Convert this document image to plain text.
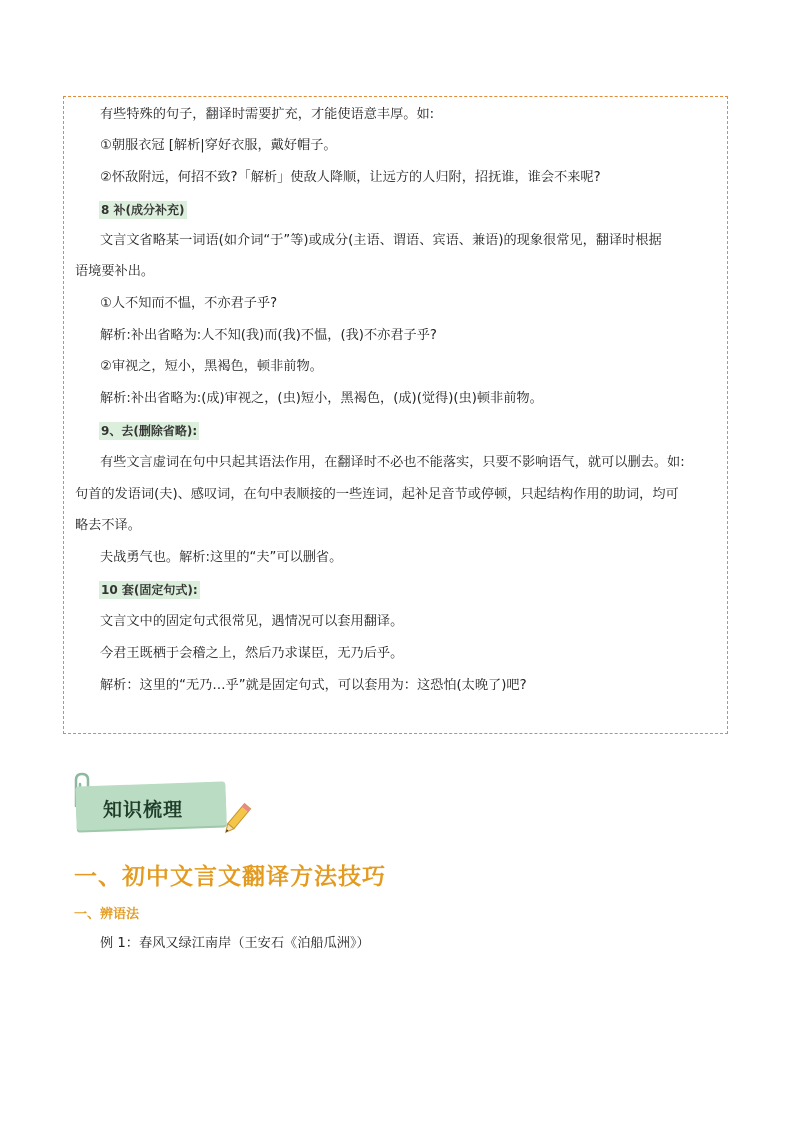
有些特殊的句子，翻译时需要扩充，才能使语意丰厚。如:
①朝服衣冠 [解析|穿好衣服，戴好帽子。
②怀敌附远，何招不致?「解析」使敌人降顺，让远方的人归附，招抚谁，谁会不来呢?
8 补(成分补充)
文言文省略某一词语(如介词“于”等)或成分(主语、谓语、宾语、兼语)的现象很常见，翻译时根据
语境要补出。
①人不知而不愠，不亦君子乎?
解析:补出省略为:人不知(我)而(我)不愠，(我)不亦君子乎?
②审视之，短小，黑褐色，顿非前物。
解析:补出省略为:(成)审视之，(虫)短小，黑褐色，(成)(觉得)(虫)顿非前物。
9、去(删除省略):
有些文言虚词在句中只起其语法作用，在翻译时不必也不能落实，只要不影响语气，就可以删去。如:
句首的发语词(夫)、感叹词，在句中表顺接的一些连词，起补足音节或停顿，只起结构作用的助词，均可
略去不译。
夫战勇气也。解析:这里的“夫”可以删省。
10 套(固定句式):
文言文中的固定句式很常见，遇情况可以套用翻译。
今君王既栖于会稽之上，然后乃求谋臣，无乃后乎。
解析：这里的“无乃…乎”就是固定句式，可以套用为：这恐怕(太晚了)吧?
知识梳理
一、初中文言文翻译方法技巧
一、辨语法
例 1：春风又绿江南岸（王安石《泊船瓜洲》）
